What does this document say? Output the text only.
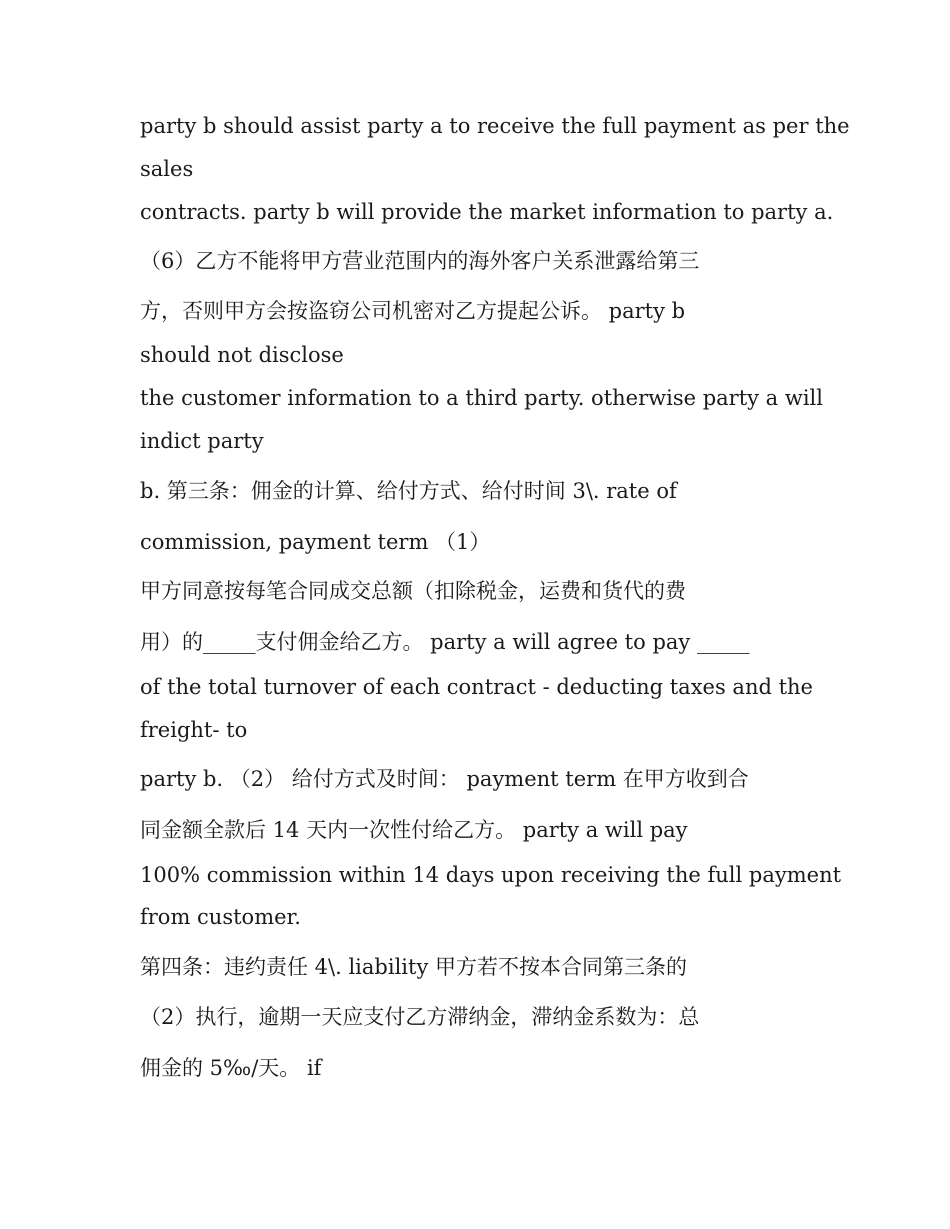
party b should assist party a to receive the full payment as per the
sales
contracts. party b will provide the market information to party a.
（6）乙方不能将甲方营业范围内的海外客户关系泄露给第三
方，否则甲方会按盗窃公司机密对乙方提起公诉。 party b
should not disclose
the customer information to a third party. otherwise party a will
indict party
b. 第三条：佣金的计算、给付方式、给付时间 3\. rate of
commission, payment term （1）
甲方同意按每笔合同成交总额（扣除税金，运费和货代的费
用）的_____支付佣金给乙方。 party a will agree to pay _____
of the total turnover of each contract - deducting taxes and the
freight- to
party b. （2） 给付方式及时间： payment term 在甲方收到合
同金额全款后 14 天内一次性付给乙方。 party a will pay
100% commission within 14 days upon receiving the full payment
from customer.
第四条：违约责任 4\. liability 甲方若不按本合同第三条的
（2）执行，逾期一天应支付乙方滞纳金，滞纳金系数为：总
佣金的 5‰/天。 if
